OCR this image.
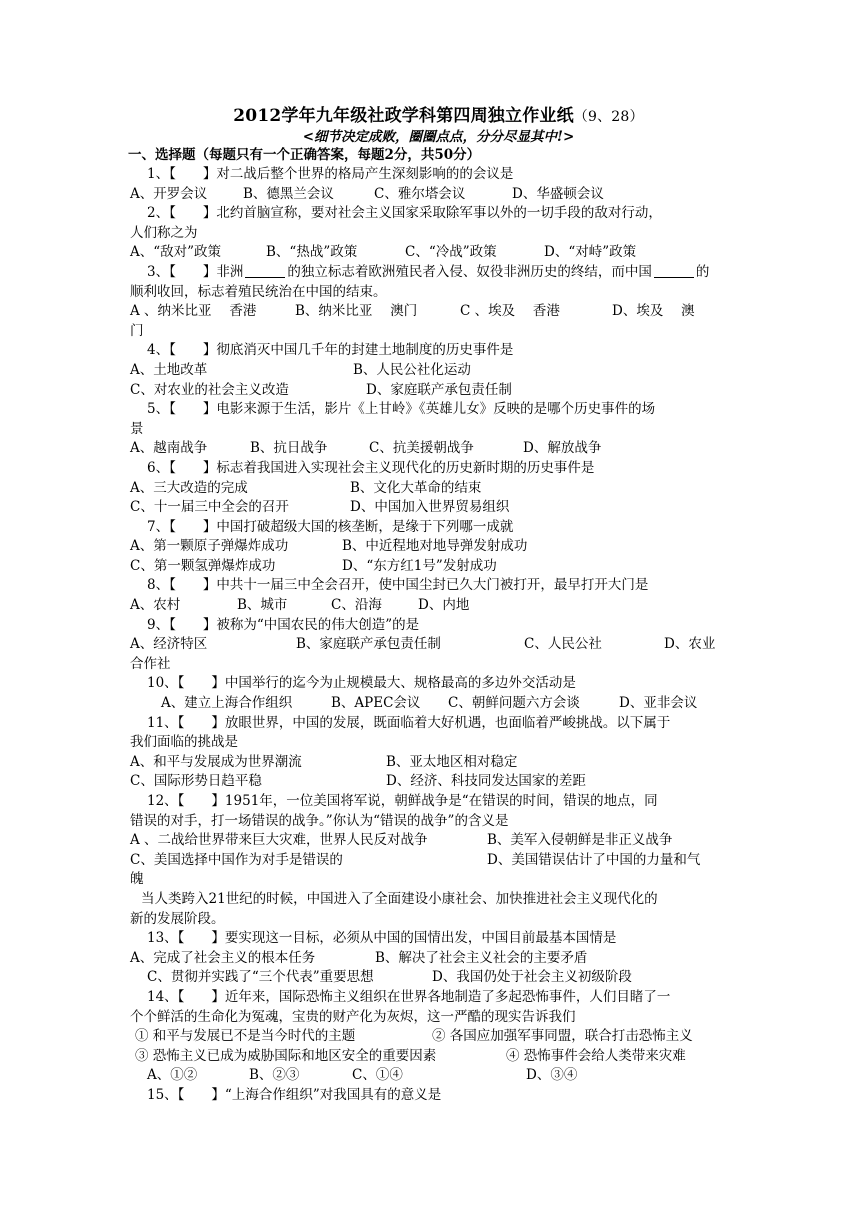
2012学年九年级社政学科第四周独立作业纸（9、28）
<细节决定成败，圈圈点点，分分尽显其中!>
一、选择题（每题只有一个正确答案，每题2分，共50分）
1、【　　】对二战后整个世界的格局产生深刻影响的的会议是
A、开罗会议	B、德黑兰会议	C、雅尔塔会议	D、华盛顿会议
2、【　　】北约首脑宣称，要对社会主义国家采取除军事以外的一切手段的敌对行动，
人们称之为
A、“敌对”政策	B、“热战”政策	C、“冷战”政策	D、“对峙”政策
3、【　　】非洲	的独立标志着欧洲殖民者入侵、奴役非洲历史的终结，而中国	的
顺利收回，标志着殖民统治在中国的结束。
A 、纳米比亚　 香港	B、纳米比亚　 澳门	C 、埃及　 香港	D、埃及　 澳
门
4、【　　】彻底消灭中国几千年的封建土地制度的历史事件是
A、土地改革	B、人民公社化运动
C、对农业的社会主义改造	D、家庭联产承包责任制
5、【　　】电影来源于生活，影片《上甘岭》《英雄儿女》反映的是哪个历史事件的场
景
A、越南战争	B、抗日战争	C、抗美援朝战争	D、解放战争
6、【　　】标志着我国进入实现社会主义现代化的历史新时期的历史事件是
A、三大改造的完成	B、文化大革命的结束
C、十一届三中全会的召开	D、中国加入世界贸易组织
7、【　　】中国打破超级大国的核垄断，是缘于下列哪一成就
A、第一颗原子弹爆炸成功	B、中近程地对地导弹发射成功
C、第一颗氢弹爆炸成功	D、“东方红1号”发射成功
8、【　　】中共十一届三中全会召开，使中国尘封已久大门被打开，最早打开大门是
A、农村	B、城市	C、沿海	D、内地
9、【　　】被称为“中国农民的伟大创造”的是
A、经济特区	B、家庭联产承包责任制	C、人民公社	D、农业
合作社
10、【　　】中国举行的迄今为止规模最大、规格最高的多边外交活动是
A、建立上海合作组织	B、APEC会议 C、朝鲜问题六方会谈	D、亚非会议
11、【　　】放眼世界，中国的发展，既面临着大好机遇，也面临着严峻挑战。以下属于
我们面临的挑战是
A、和平与发展成为世界潮流	B、亚太地区相对稳定
C、国际形势日趋平稳	D、经济、科技同发达国家的差距
12、【　　】1951年，一位美国将军说，朝鲜战争是“在错误的时间，错误的地点，同
错误的对手，打一场错误的战争。”你认为“错误的战争”的含义是
A 、二战给世界带来巨大灾难，世界人民反对战争	B、美军入侵朝鲜是非正义战争
C、美国选择中国作为对手是错误的	D、美国错误估计了中国的力量和气
魄
当人类跨入21世纪的时候，中国进入了全面建设小康社会、加快推进社会主义现代化的
新的发展阶段。
13、【　　】要实现这一目标，必须从中国的国情出发，中国目前最基本国情是
A、完成了社会主义的根本任务	B、解决了社会主义社会的主要矛盾
C、贯彻并实践了“三个代表”重要思想	D、我国仍处于社会主义初级阶段
14、【　　】近年来，国际恐怖主义组织在世界各地制造了多起恐怖事件，人们目睹了一
个个鲜活的生命化为冤魂，宝贵的财产化为灰烬，这一严酷的现实告诉我们
① 和平与发展已不是当今时代的主题	② 各国应加强军事同盟，联合打击恐怖主义
③ 恐怖主义已成为威胁国际和地区安全的重要因素	④ 恐怖事件会给人类带来灾难
A、①②	B、②③	C、①④	D、③④
15、【　　】“上海合作组织”对我国具有的意义是
